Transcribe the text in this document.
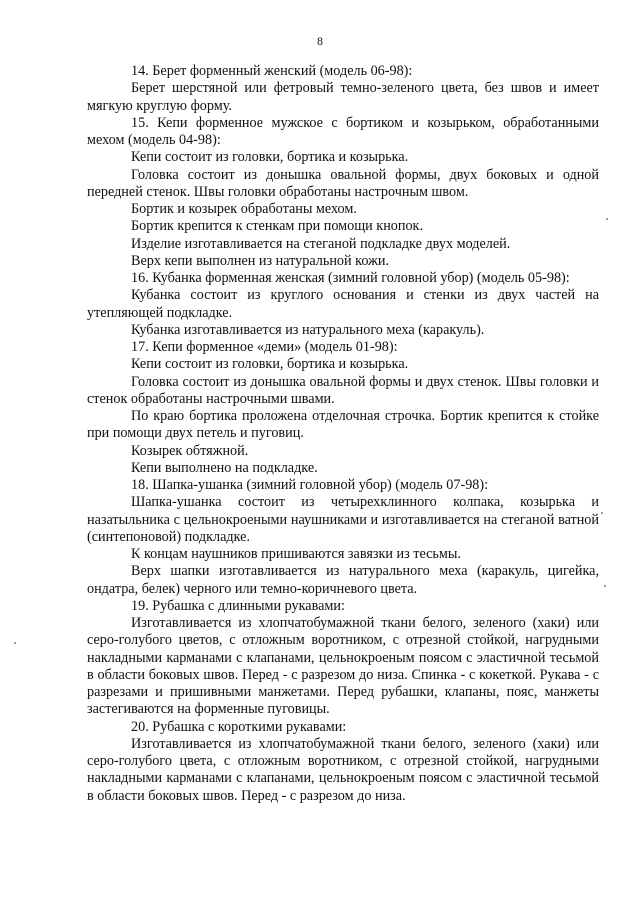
8

14. Берет форменный женский (модель 06-98):

Берет шерстяной или фетровый темно-зеленого цвета, без швов и имеет мягкую круглую форму.

15. Кепи форменное мужское с бортиком и козырьком, обработанными мехом (модель 04-98):

Кепи состоит из головки, бортика и козырька.

Головка состоит из донышка овальной формы, двух боковых и одной передней стенок. Швы головки обработаны настрочным швом.

Бортик и козырек обработаны мехом.

Бортик крепится к стенкам при помощи кнопок.

Изделие изготавливается на стеганой подкладке двух моделей.

Верх кепи выполнен из натуральной кожи.

16. Кубанка форменная женская (зимний головной убор) (модель 05-98):

Кубанка состоит из круглого основания и стенки из двух частей на утепляющей подкладке.

Кубанка изготавливается из натурального меха (каракуль).

17. Кепи форменное «деми» (модель 01-98):

Кепи состоит из головки, бортика и козырька.

Головка состоит из донышка овальной формы и двух стенок. Швы головки и стенок обработаны настрочными швами.

По краю бортика проложена отделочная строчка. Бортик крепится к стойке при помощи двух петель и пуговиц.

Козырек обтяжной.

Кепи выполнено на подкладке.

18. Шапка-ушанка (зимний головной убор) (модель 07-98):

Шапка-ушанка состоит из четырехклинного колпака, козырька и назатыльника с цельнокроеными наушниками и изготавливается на стеганой ватной (синтепоновой) подкладке.

К концам наушников пришиваются завязки из тесьмы.

Верх шапки изготавливается из натурального меха (каракуль, цигейка, ондатра, белек) черного или темно-коричневого цвета.

19. Рубашка с длинными рукавами:

Изготавливается из хлопчатобумажной ткани белого, зеленого (хаки) или серо-голубого цветов, с отложным воротником, с отрезной стойкой, нагрудными накладными карманами с клапанами, цельнокроеным поясом с эластичной тесьмой в области боковых швов. Перед - с разрезом до низа. Спинка - с кокеткой. Рукава - с разрезами и пришивными манжетами. Перед рубашки, клапаны, пояс, манжеты застегиваются на форменные пуговицы.

20. Рубашка с короткими рукавами:

Изготавливается из хлопчатобумажной ткани белого, зеленого (хаки) или серо-голубого цвета, с отложным воротником, с отрезной стойкой, нагрудными накладными карманами с клапанами, цельнокроеным поясом с эластичной тесьмой в области боковых швов. Перед - с разрезом до низа.
